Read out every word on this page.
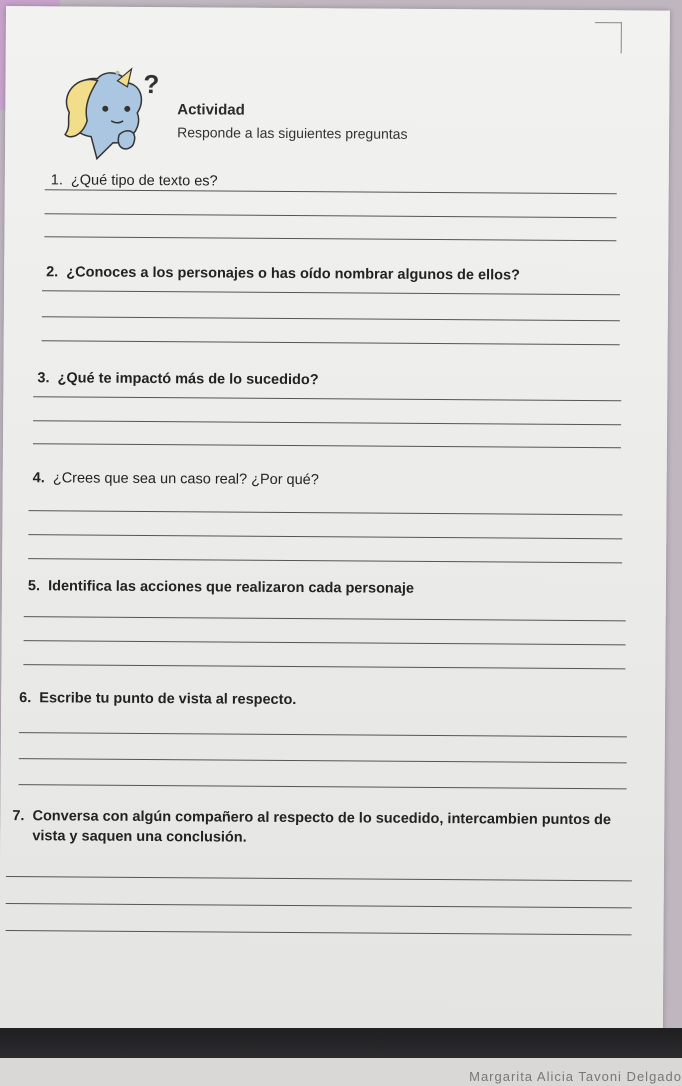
?
Actividad
Responde a las siguientes preguntas
1. ¿Qué tipo de texto es?
2. ¿Conoces a los personajes o has oído nombrar algunos de ellos?
3. ¿Qué te impactó más de lo sucedido?
4. ¿Crees que sea un caso real? ¿Por qué?
5. Identifica las acciones que realizaron cada personaje
6. Escribe tu punto de vista al respecto.
7. Conversa con algún compañero al respecto de lo sucedido, intercambien puntos de vista y saquen una conclusión.
Margarita Alicia Tavoni Delgado
